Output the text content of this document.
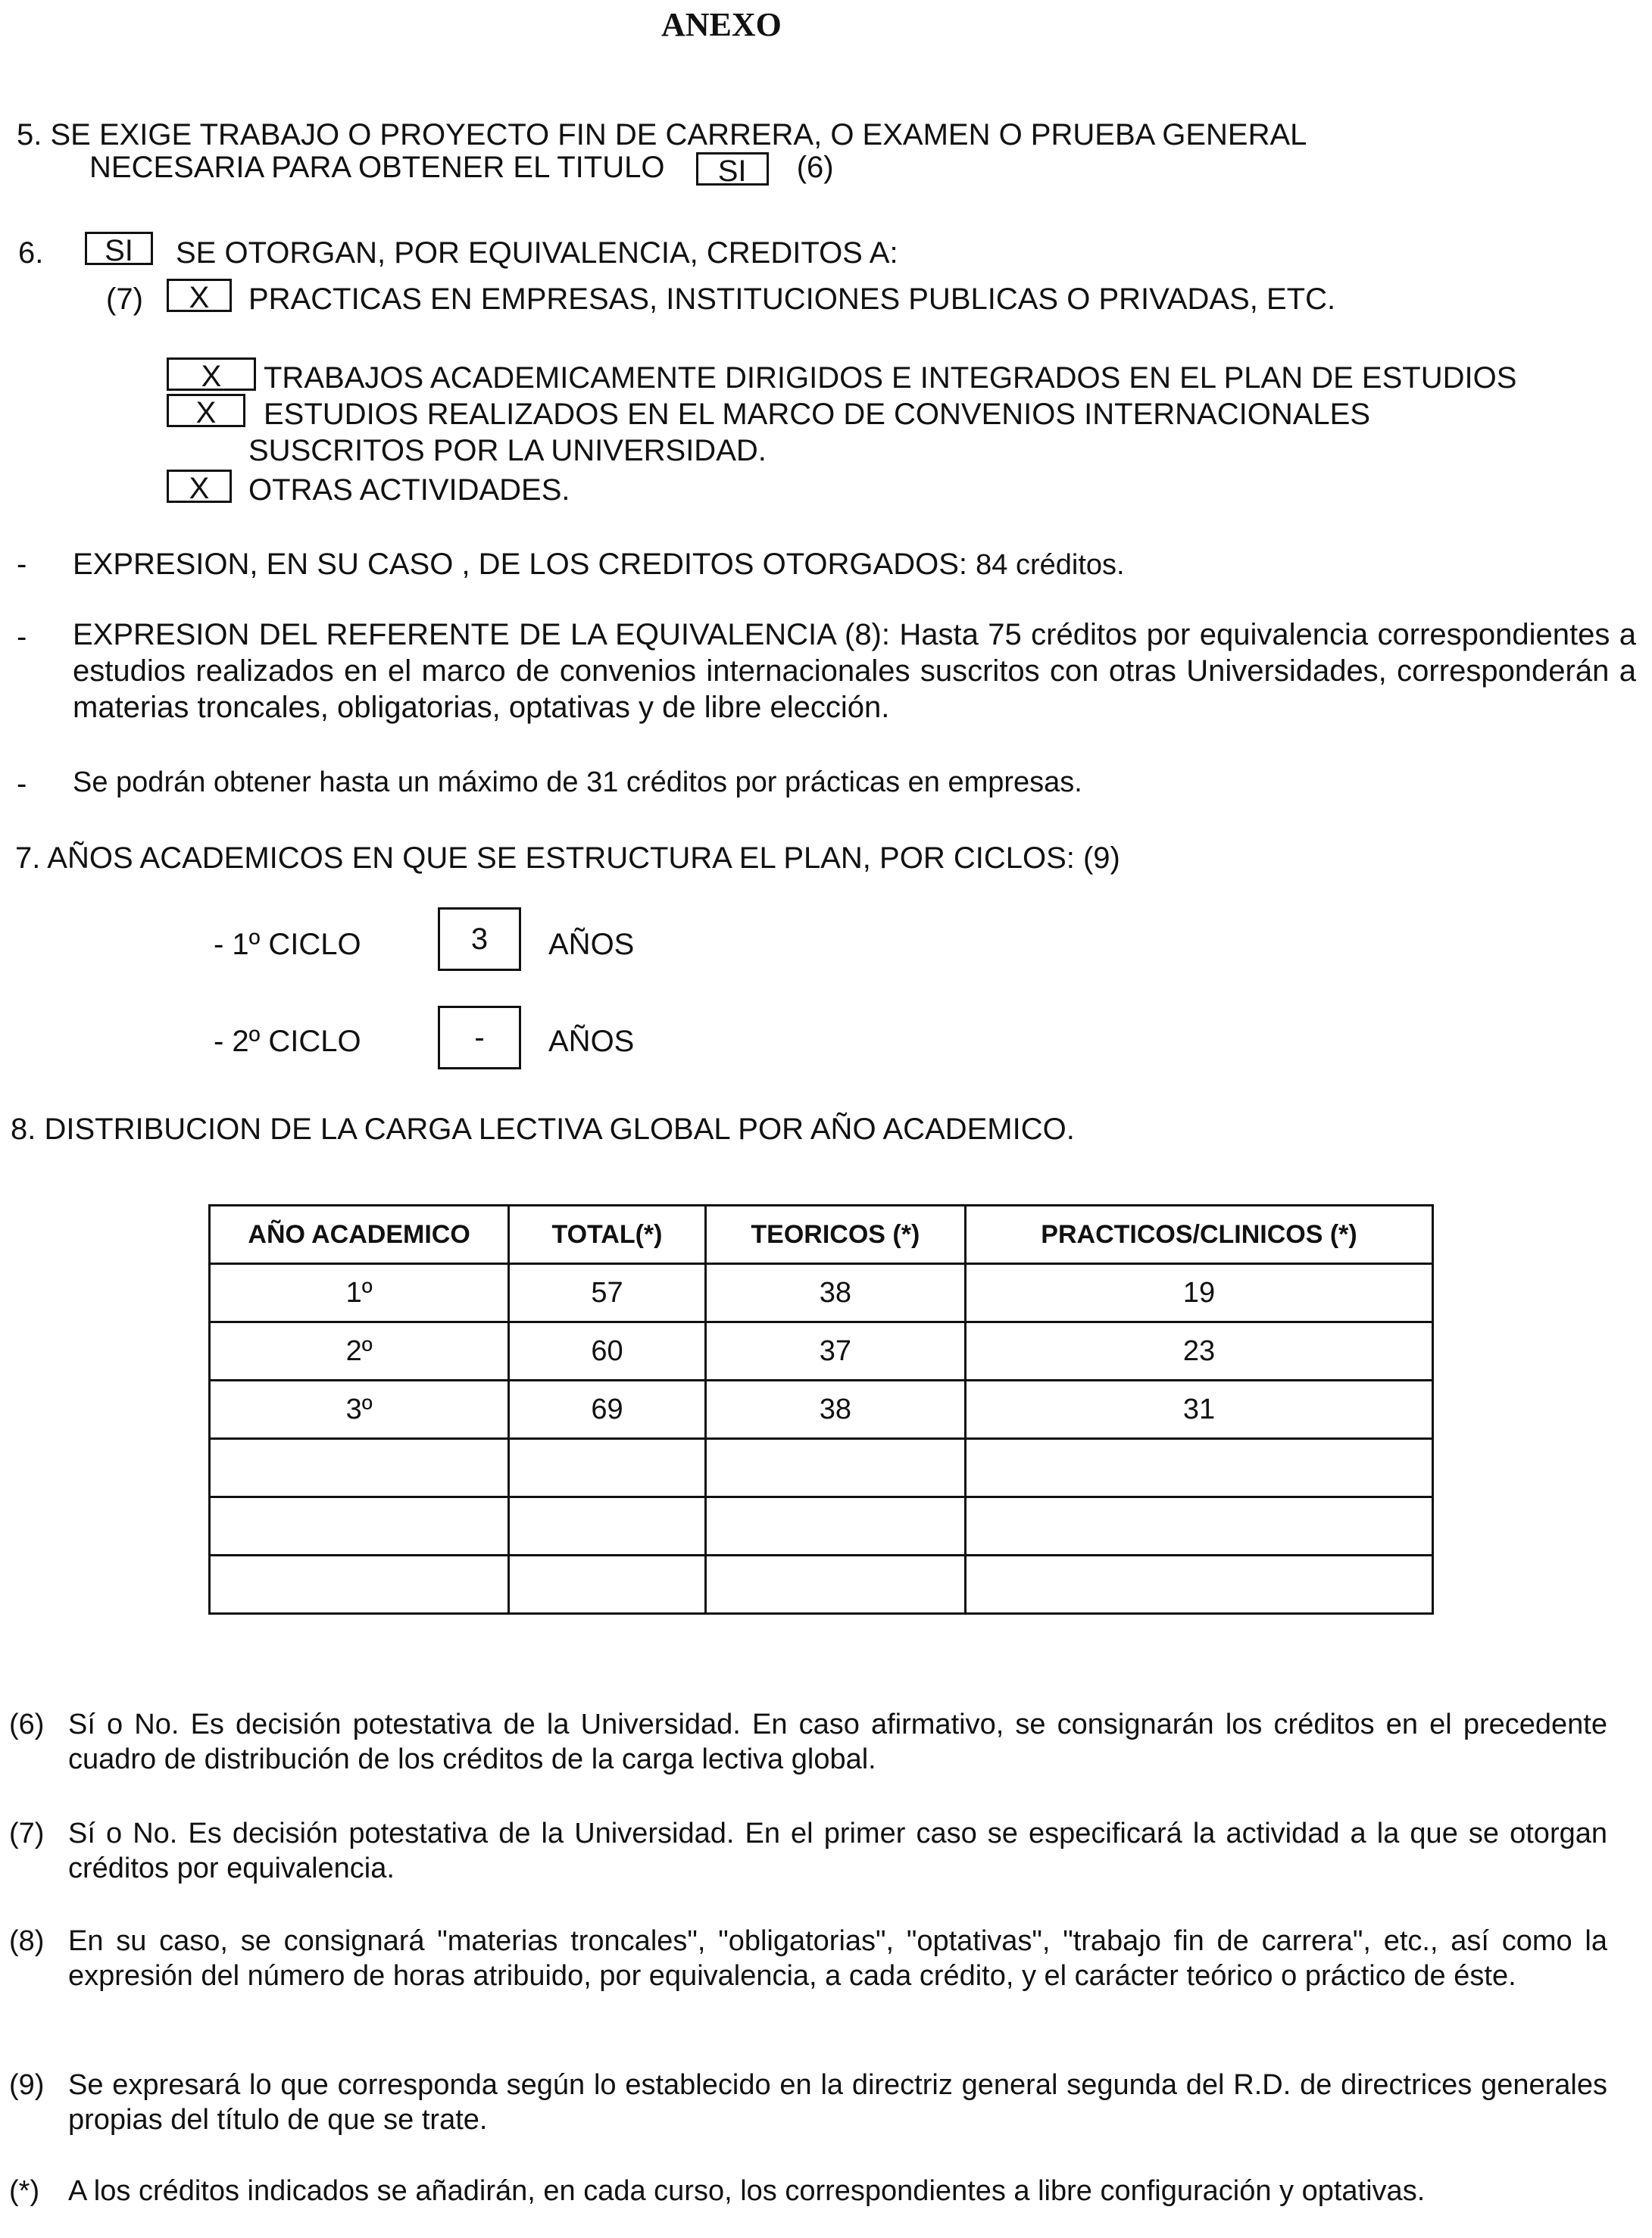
ANEXO
5. SE EXIGE TRABAJO O PROYECTO FIN DE CARRERA, O EXAMEN O PRUEBA GENERAL
NECESARIA PARA OBTENER EL TITULO SI (6)
6.	SI	SE OTORGAN, POR EQUIVALENCIA, CREDITOS A:
(7)	X	PRACTICAS EN EMPRESAS, INSTITUCIONES PUBLICAS O PRIVADAS, ETC.
X	TRABAJOS ACADEMICAMENTE DIRIGIDOS E INTEGRADOS EN EL PLAN DE ESTUDIOS
X	ESTUDIOS REALIZADOS EN EL MARCO DE CONVENIOS INTERNACIONALES
SUSCRITOS POR LA UNIVERSIDAD.
X	OTRAS ACTIVIDADES.
- EXPRESION, EN SU CASO , DE LOS CREDITOS OTORGADOS: 84 créditos.
- EXPRESION DEL REFERENTE DE LA EQUIVALENCIA (8): Hasta 75 créditos por equivalencia correspondientes a estudios realizados en el marco de convenios internacionales suscritos con otras Universidades, corresponderán a materias troncales, obligatorias, optativas y de libre elección.
- Se podrán obtener hasta un máximo de 31 créditos por prácticas en empresas.
7. AÑOS ACADEMICOS EN QUE SE ESTRUCTURA EL PLAN, POR CICLOS: (9)
- 1º CICLO	3	AÑOS
- 2º CICLO	-	AÑOS
8. DISTRIBUCION DE LA CARGA LECTIVA GLOBAL POR AÑO ACADEMICO.
AÑO ACADEMICO	TOTAL(*)	TEORICOS (*)	PRACTICOS/CLINICOS (*)
1º	57	38	19
2º	60	37	23
3º	69	38	31

(6) Sí o No. Es decisión potestativa de la Universidad. En caso afirmativo, se consignarán los créditos en el precedente cuadro de distribución de los créditos de la carga lectiva global.
(7) Sí o No. Es decisión potestativa de la Universidad. En el primer caso se especificará la actividad a la que se otorgan créditos por equivalencia.
(8) En su caso, se consignará "materias troncales", "obligatorias", "optativas", "trabajo fin de carrera", etc., así como la expresión del número de horas atribuido, por equivalencia, a cada crédito, y el carácter teórico o práctico de éste.
(9) Se expresará lo que corresponda según lo establecido en la directriz general segunda del R.D. de directrices generales propias del título de que se trate.
(*) A los créditos indicados se añadirán, en cada curso, los correspondientes a libre configuración y optativas.
